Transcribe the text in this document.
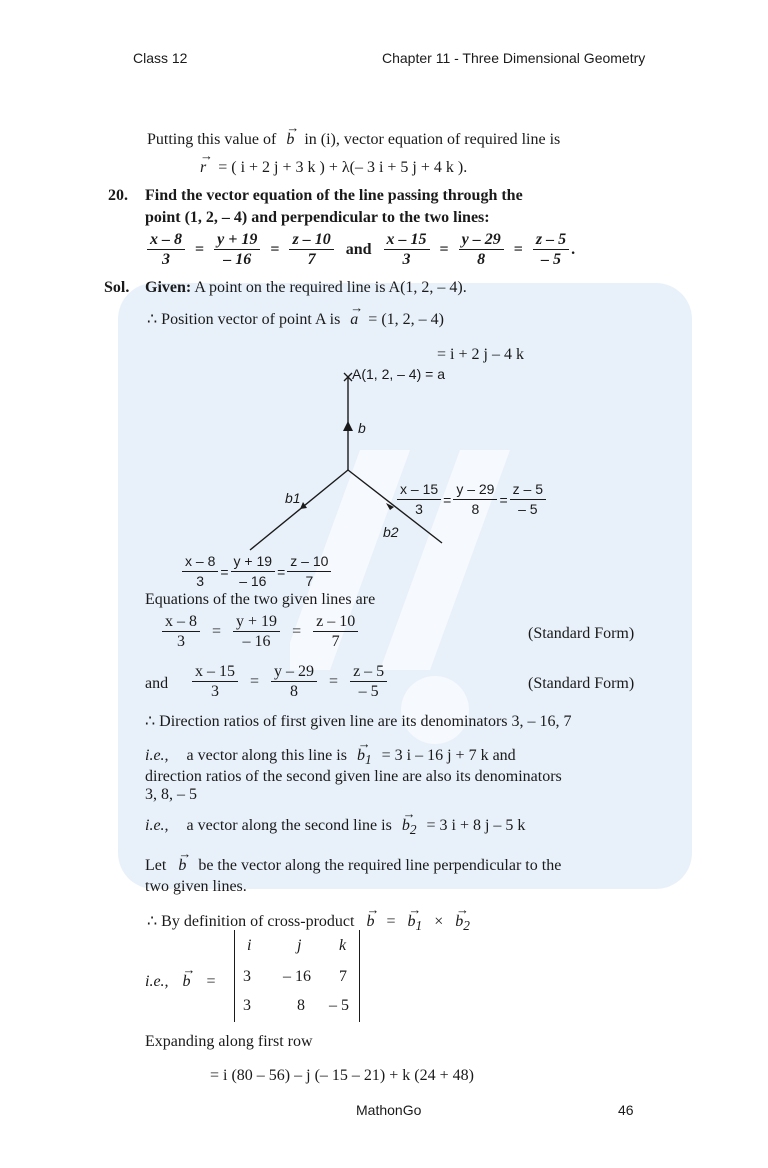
Class 12	Chapter 11 - Three Dimensional Geometry
Putting this value of
→
b in (i), vector equation of required line is
→
r = ( i + 2 j + 3 k ) + λ(– 3 i + 5 j + 4 k ).
20. Find the vector equation of the line passing through the
point (1, 2, – 4) and perpendicular to the two lines:
$\frac{x - 8}{3} = \frac{y + 19}{- 16} = \frac{z - 10}{7}$ and $\frac{x - 15}{3} = \frac{y - 29}{8} = \frac{z - 5}{- 5}$ .
Sol. Given: A point on the required line is A(1, 2, – 4).
∴ Position vector of point A is
→
a = (1, 2, – 4)
= i + 2 j – 4 k
A(1, 2, – 4) = a
b
b1
b2
$\frac{x - 15}{3} = \frac{y - 29}{8} = \frac{z - 5}{- 5}$
$\frac{x - 8}{3} = \frac{y + 19}{- 16} = \frac{z - 10}{7}$
Equations of the two given lines are
$\frac{x - 8}{3} = \frac{y + 19}{- 16} = \frac{z - 10}{7}$	(Standard Form)
and $\frac{x - 15}{3} = \frac{y - 29}{8} = \frac{z - 5}{- 5}$	(Standard Form)
∴ Direction ratios of first given line are its denominators 3, – 16, 7
i.e., a vector along this line is
→
$b_1 = 3$ i – 16 j + 7 k and
direction ratios of the second given line are also its denominators
3, 8, – 5
i.e., a vector along the second line is
→
$b_2 = 3$ i + 8 j – 5 k
Let
→
b be the vector along the required line perpendicular to the
two given lines.
∴ By definition of cross-product
→
b =
→
$b_1$ ×
→
$b_2$
i.e.,
→
b =
i	j k
3 – 16 7
3	8 – 5
Expanding along first row
= i (80 – 56) – j (– 15 – 21) + k (24 + 48)
MathonGo	46
